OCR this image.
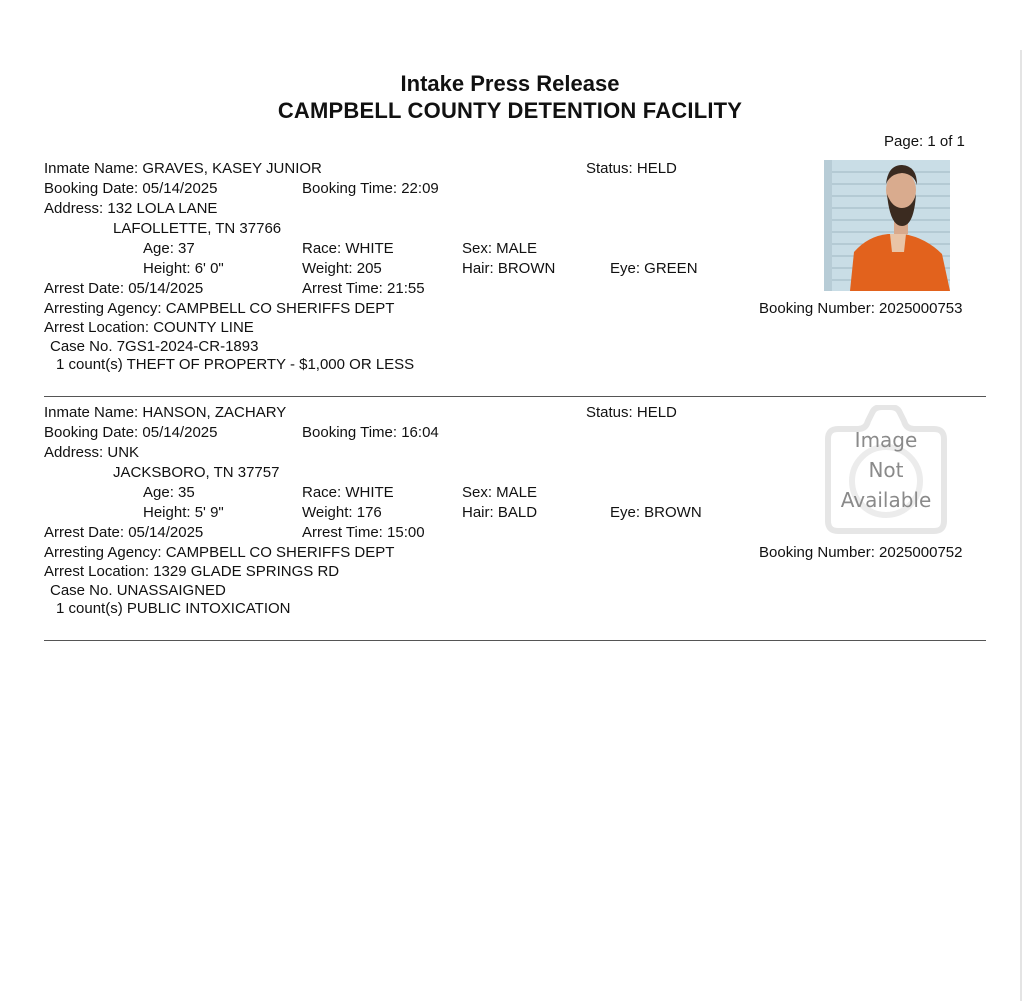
Intake Press Release
CAMPBELL COUNTY DETENTION FACILITY
Page: 1 of 1
Inmate Name: GRAVES, KASEY JUNIOR	Status: HELD
Booking Date: 05/14/2025	Booking Time: 22:09
Address: 132 LOLA LANE
LAFOLLETTE, TN 37766
Age: 37	Race: WHITE	Sex: MALE
Height: 6' 0"	Weight: 205	Hair: BROWN	Eye: GREEN
Arrest Date: 05/14/2025	Arrest Time: 21:55
Arresting Agency: CAMPBELL CO SHERIFFS DEPT	Booking Number: 2025000753
Arrest Location: COUNTY LINE
Case No. 7GS1-2024-CR-1893
1 count(s) THEFT OF PROPERTY - $1,000 OR LESS
Inmate Name: HANSON, ZACHARY	Status: HELD
Booking Date: 05/14/2025	Booking Time: 16:04
Address: UNK
JACKSBORO, TN 37757
Age: 35	Race: WHITE	Sex: MALE
Height: 5' 9"	Weight: 176	Hair: BALD	Eye: BROWN
Arrest Date: 05/14/2025	Arrest Time: 15:00
Arresting Agency: CAMPBELL CO SHERIFFS DEPT	Booking Number: 2025000752
Arrest Location: 1329 GLADE SPRINGS RD
Case No. UNASSAIGNED
1 count(s) PUBLIC INTOXICATION
Image
Not
Available
